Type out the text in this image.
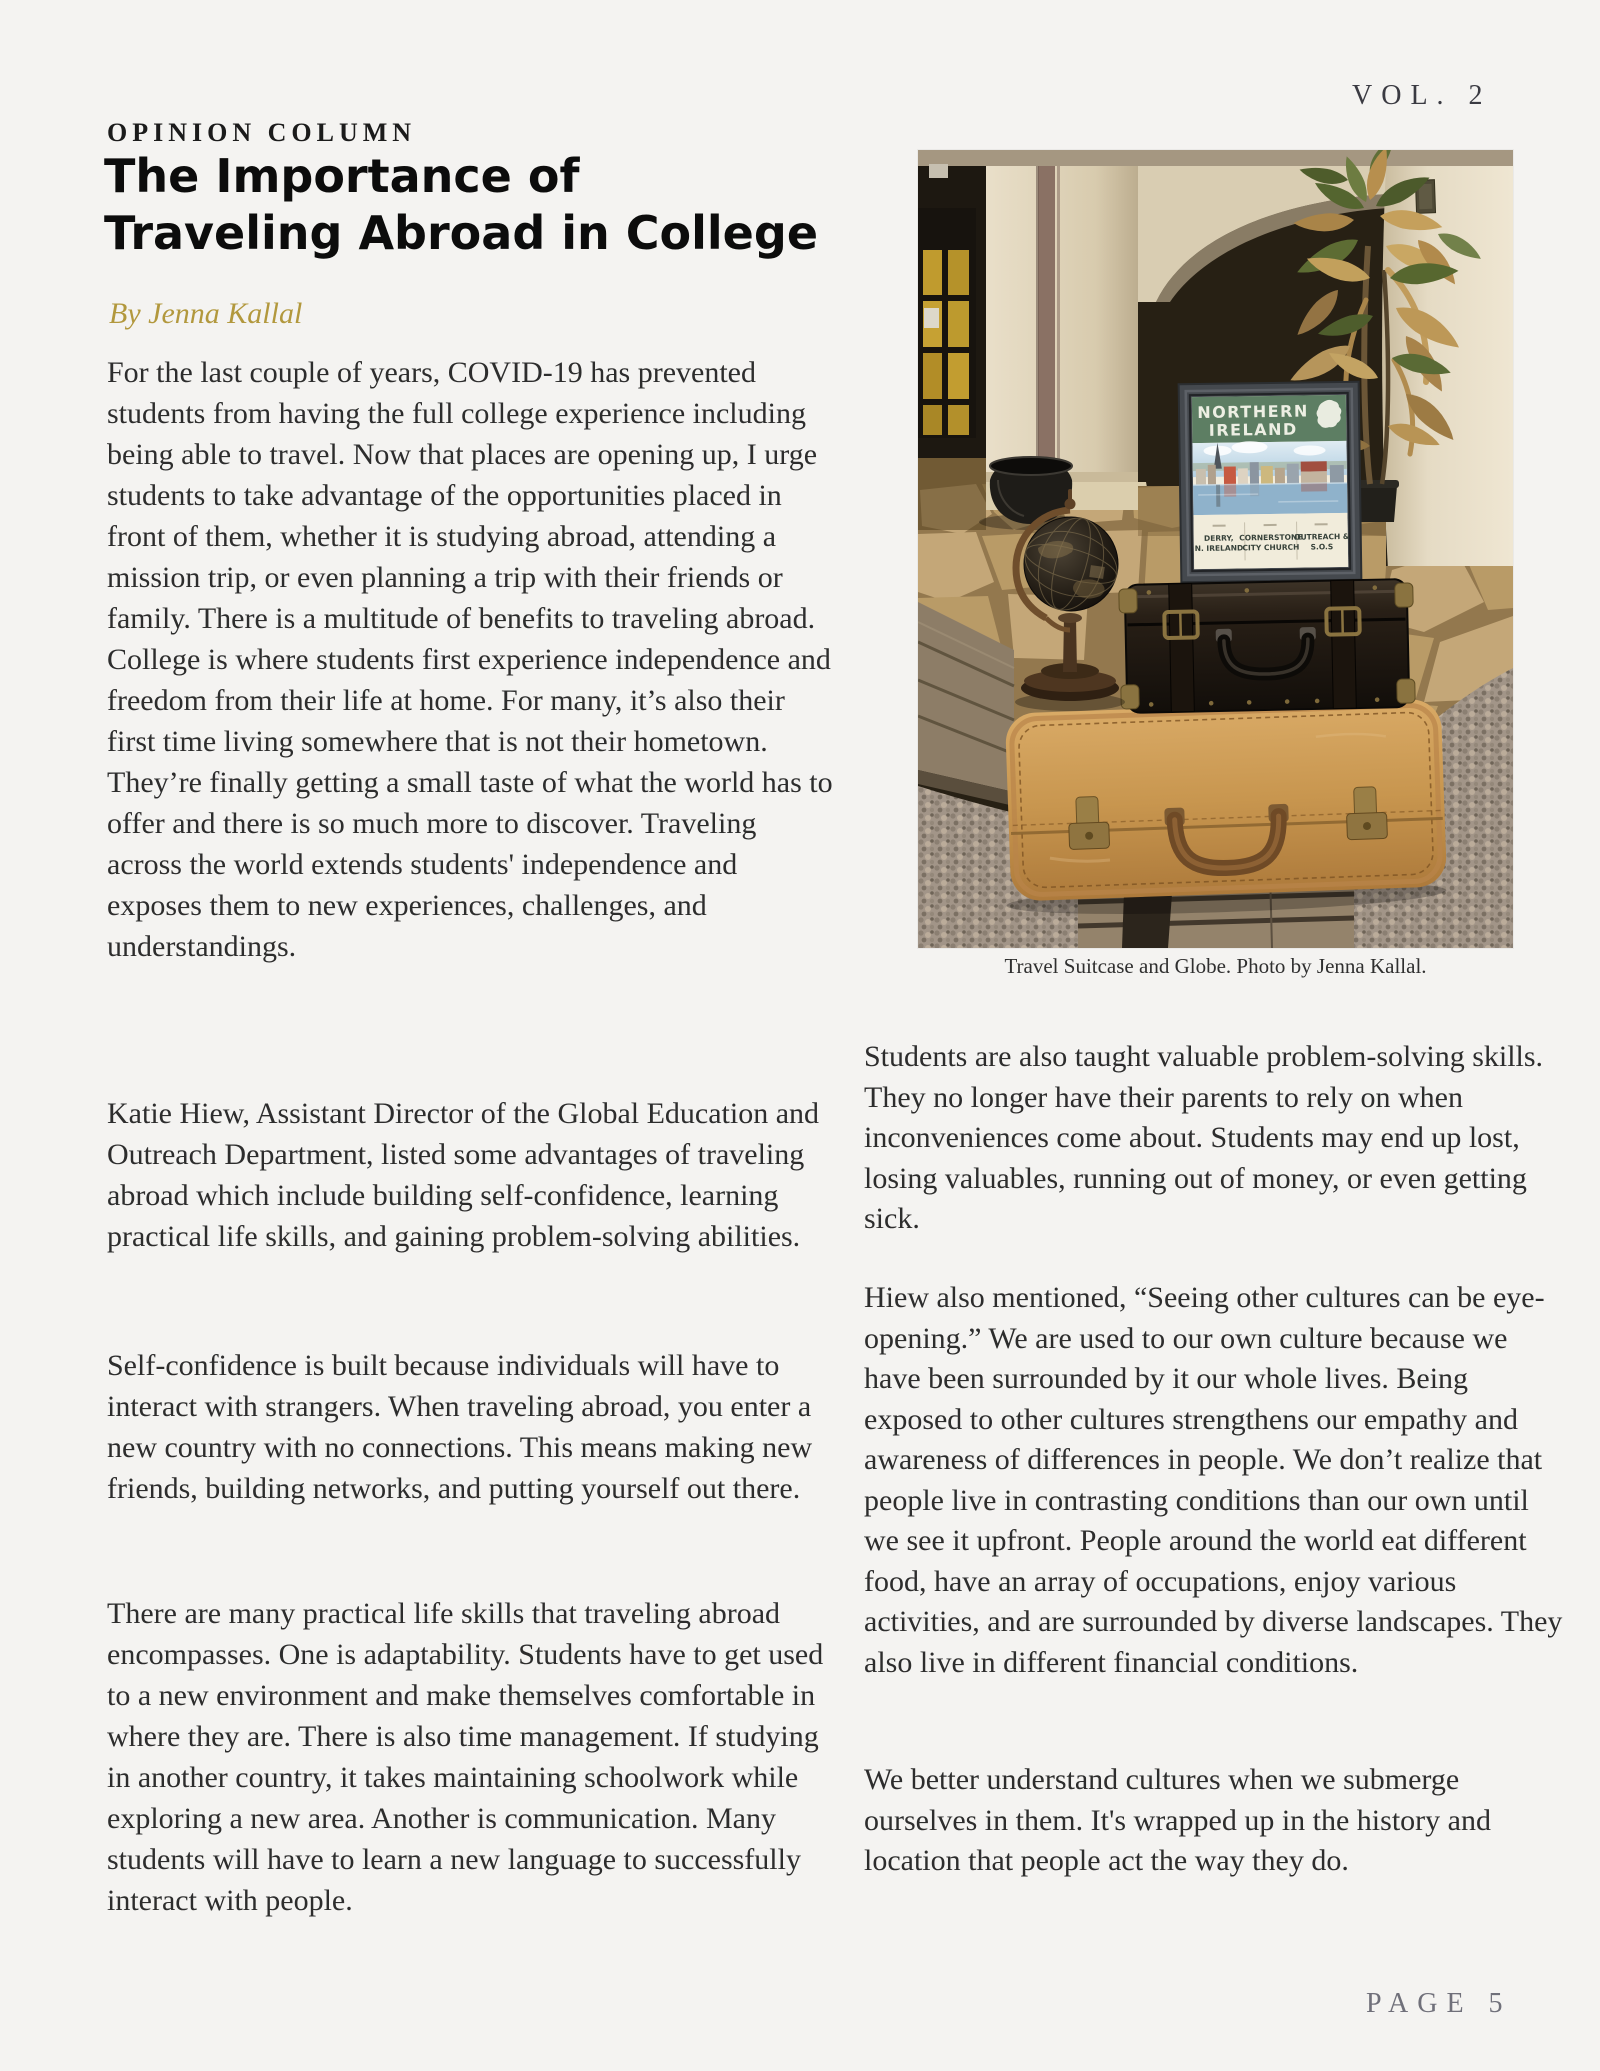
VOL. 2
OPINION COLUMN
The Importance of
Traveling Abroad in College
By Jenna Kallal

For the last couple of years, COVID-19 has prevented students from having the full college experience including being able to travel. Now that places are opening up, I urge students to take advantage of the opportunities placed in front of them, whether it is studying abroad, attending a mission trip, or even planning a trip with their friends or family. There is a multitude of benefits to traveling abroad. College is where students first experience independence and freedom from their life at home. For many, it’s also their first time living somewhere that is not their hometown. They’re finally getting a small taste of what the world has to offer and there is so much more to discover. Traveling across the world extends students' independence and exposes them to new experiences, challenges, and understandings.

Katie Hiew, Assistant Director of the Global Education and Outreach Department, listed some advantages of traveling abroad which include building self-confidence, learning practical life skills, and gaining problem-solving abilities.

Self-confidence is built because individuals will have to interact with strangers. When traveling abroad, you enter a new country with no connections. This means making new friends, building networks, and putting yourself out there.

There are many practical life skills that traveling abroad encompasses. One is adaptability. Students have to get used to a new environment and make themselves comfortable in where they are. There is also time management. If studying in another country, it takes maintaining schoolwork while exploring a new area. Another is communication. Many students will have to learn a new language to successfully interact with people.

Students are also taught valuable problem-solving skills. They no longer have their parents to rely on when inconveniences come about. Students may end up lost, losing valuables, running out of money, or even getting sick.

Hiew also mentioned, “Seeing other cultures can be eye-opening.” We are used to our own culture because we have been surrounded by it our whole lives. Being exposed to other cultures strengthens our empathy and awareness of differences in people. We don’t realize that people live in contrasting conditions than our own until we see it upfront. People around the world eat different food, have an array of occupations, enjoy various activities, and are surrounded by diverse landscapes. They also live in different financial conditions.

We better understand cultures when we submerge ourselves in them. It's wrapped up in the history and location that people act the way they do.

NORTHERN
IRELAND
DERRY,
N. IRELAND
CORNERSTONE
CITY CHURCH
OUTREACH &
S.O.S
Travel Suitcase and Globe. Photo by Jenna Kallal.
PAGE 5
